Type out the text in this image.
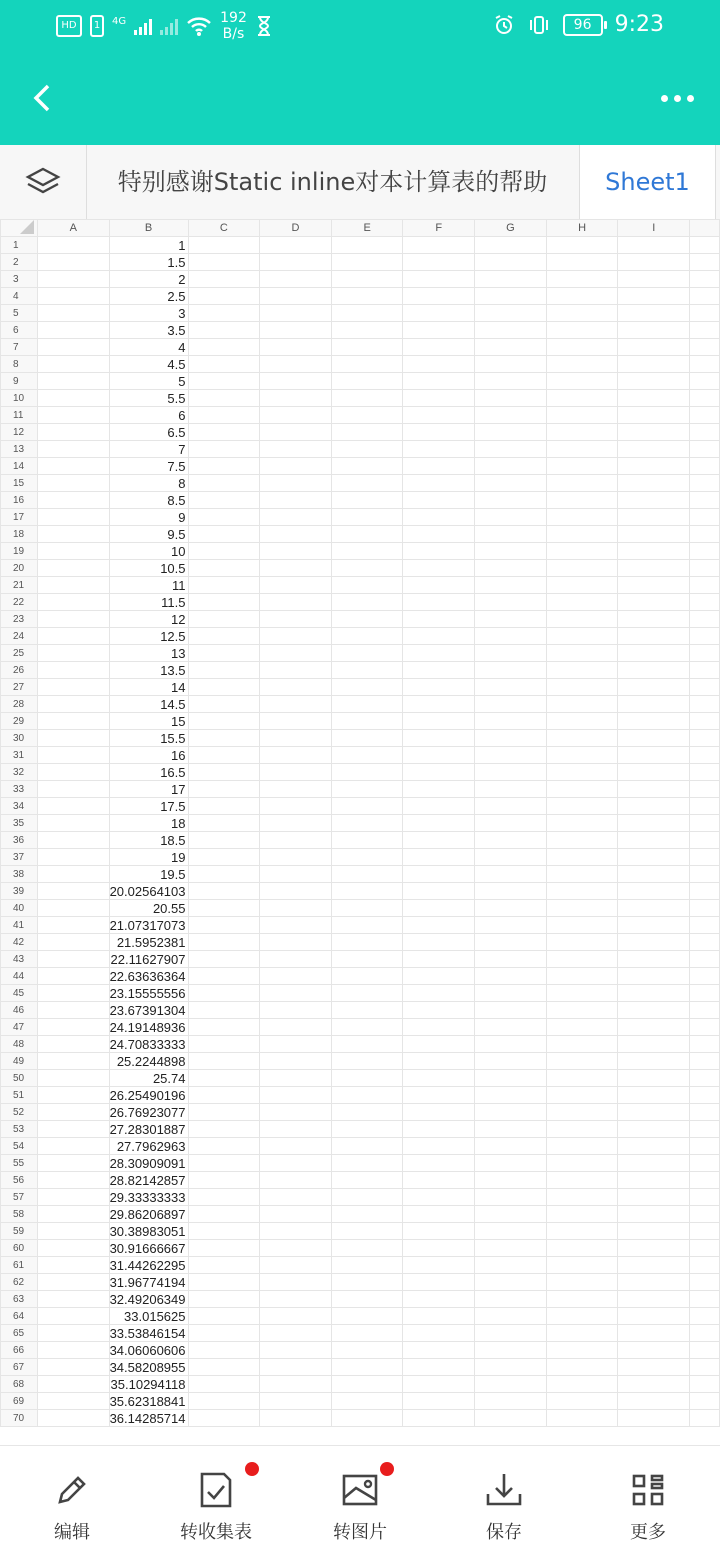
HD	1	4G	192
B/s
96	9:23
特别感谢Static inline对本计算表的帮助	Sheet1
	A	B	C	D	E	F	G	H	I	
1		1								
2		1.5								
3		2								
4		2.5								
5		3								
6		3.5								
7		4								
8		4.5								
9		5								
10		5.5								
11		6								
12		6.5								
13		7								
14		7.5								
15		8								
16		8.5								
17		9								
18		9.5								
19		10								
20		10.5								
21		11								
22		11.5								
23		12								
24		12.5								
25		13								
26		13.5								
27		14								
28		14.5								
29		15								
30		15.5								
31		16								
32		16.5								
33		17								
34		17.5								
35		18								
36		18.5								
37		19								
38		19.5								
39		20.02564103								
40		20.55								
41		21.07317073								
42		21.5952381								
43		22.11627907								
44		22.63636364								
45		23.15555556								
46		23.67391304								
47		24.19148936								
48		24.70833333								
49		25.2244898								
50		25.74								
51		26.25490196								
52		26.76923077								
53		27.28301887								
54		27.7962963								
55		28.30909091								
56		28.82142857								
57		29.33333333								
58		29.86206897								
59		30.38983051								
60		30.91666667								
61		31.44262295								
62		31.96774194								
63		32.49206349								
64		33.015625								
65		33.53846154								
66		34.06060606								
67		34.58208955								
68		35.10294118								
69		35.62318841								
70		36.14285714								
编辑	转收集表	转图片	保存	更多
